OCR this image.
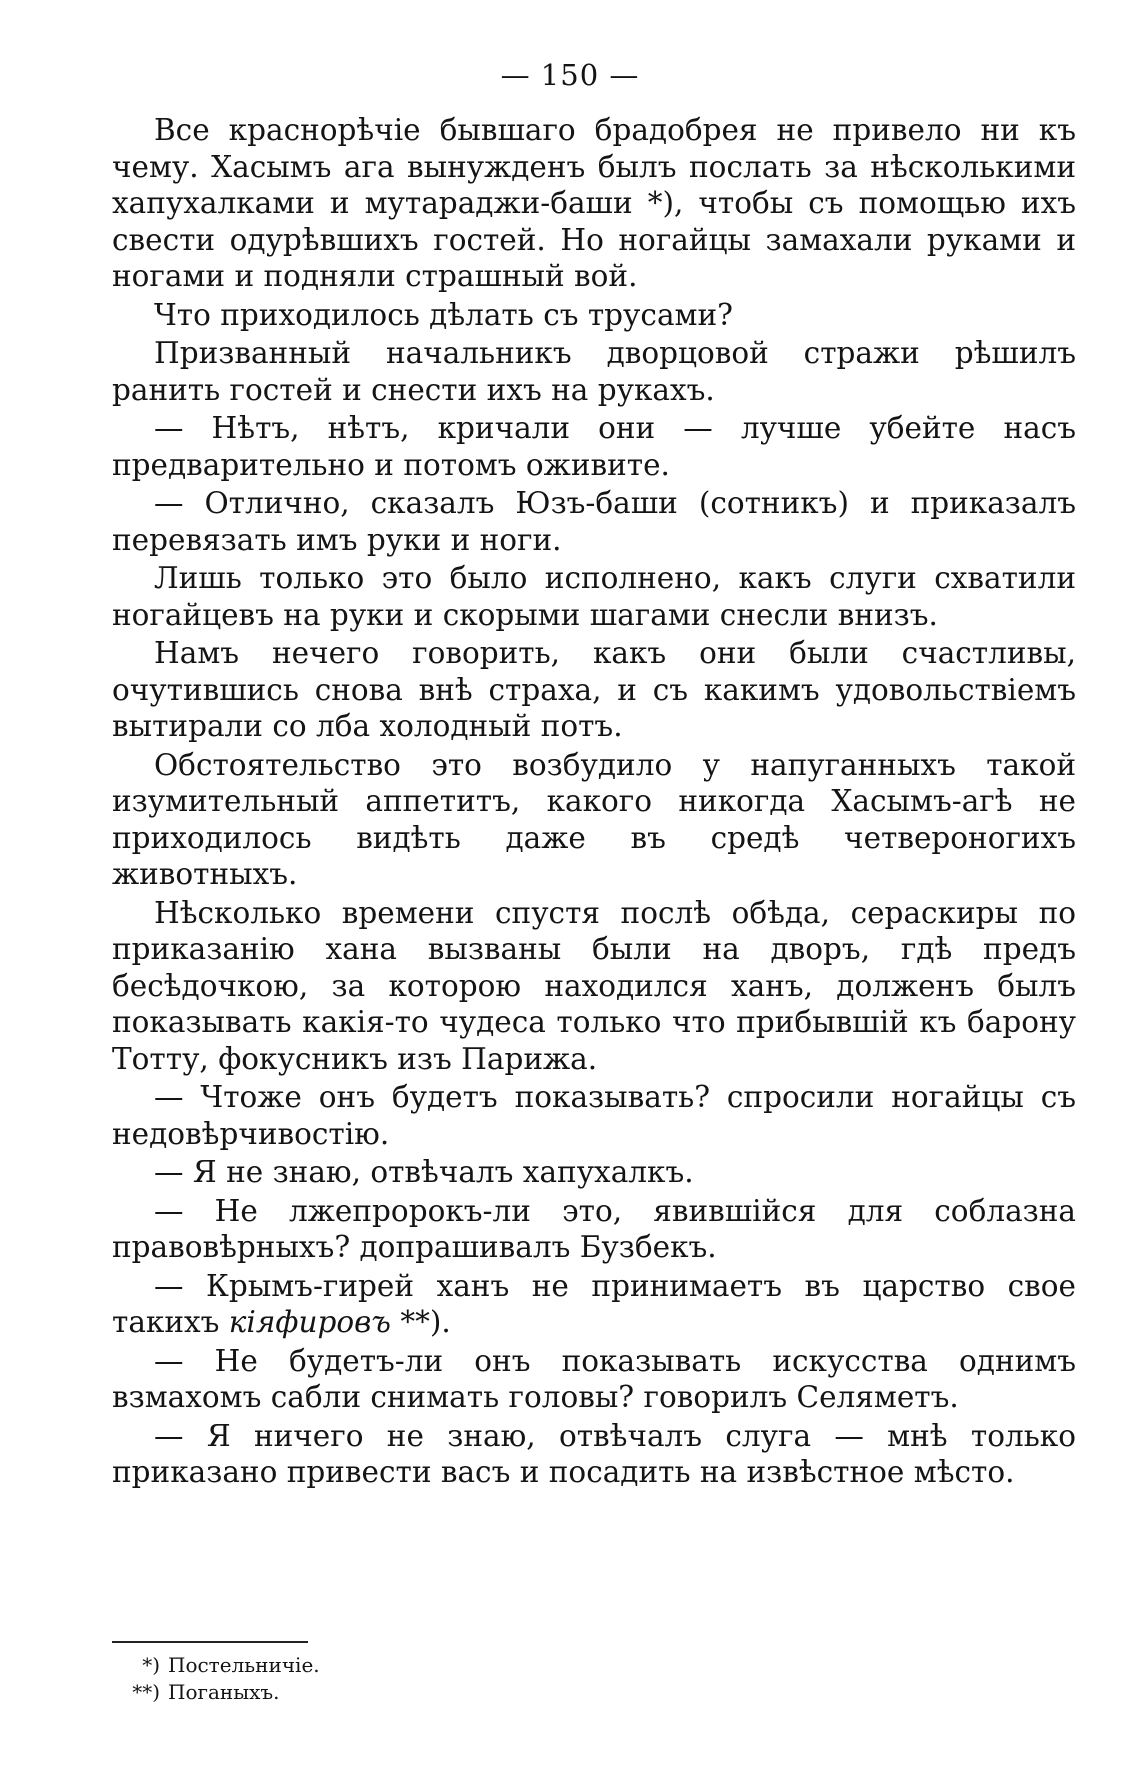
— 150 —

Все краснорѣчіе бывшаго брадобрея не привело ни къ чему. Хасымъ ага вынужденъ былъ послать за нѣсколькими хапухалками и мутараджи-баши *), чтобы съ помощью ихъ свести одурѣвшихъ гостей. Но ногайцы замахали руками и ногами и подняли страшный вой.

Что приходилось дѣлать съ трусами?

Призванный начальникъ дворцовой стражи рѣшилъ ранить гостей и снести ихъ на рукахъ.

— Нѣтъ, нѣтъ, кричали они — лучше убейте насъ предварительно и потомъ оживите.

— Отлично, сказалъ Юзъ-баши (сотникъ) и приказалъ перевязать имъ руки и ноги.

Лишь только это было исполнено, какъ слуги схватили ногайцевъ на руки и скорыми шагами снесли внизъ.

Намъ нечего говорить, какъ они были счастливы, очутившись снова внѣ страха, и съ какимъ удовольствіемъ вытирали со лба холодный потъ.

Обстоятельство это возбудило у напуганныхъ такой изумительный аппетитъ, какого никогда Хасымъ-агѣ не приходилось видѣть даже въ средѣ четвероногихъ животныхъ.

Нѣсколько времени спустя послѣ обѣда, сераскиры по приказанію хана вызваны были на дворъ, гдѣ предъ бесѣдочкою, за которою находился ханъ, долженъ былъ показывать какія-то чудеса только что прибывшій къ барону Тотту, фокусникъ изъ Парижа.

— Чтоже онъ будетъ показывать? спросили ногайцы съ недовѣрчивостію.

— Я не знаю, отвѣчалъ хапухалкъ.

— Не лжепророкъ-ли это, явившійся для соблазна правовѣрныхъ? допрашивалъ Бузбекъ.

— Крымъ-гирей ханъ не принимаетъ въ царство свое такихъ кіяфировъ **).

— Не будетъ-ли онъ показывать искусства однимъ взмахомъ сабли снимать головы? говорилъ Селяметъ.

— Я ничего не знаю, отвѣчалъ слуга — мнѣ только приказано привести васъ и посадить на извѣстное мѣсто.

*) Постельничіе.

**) Поганыхъ.
